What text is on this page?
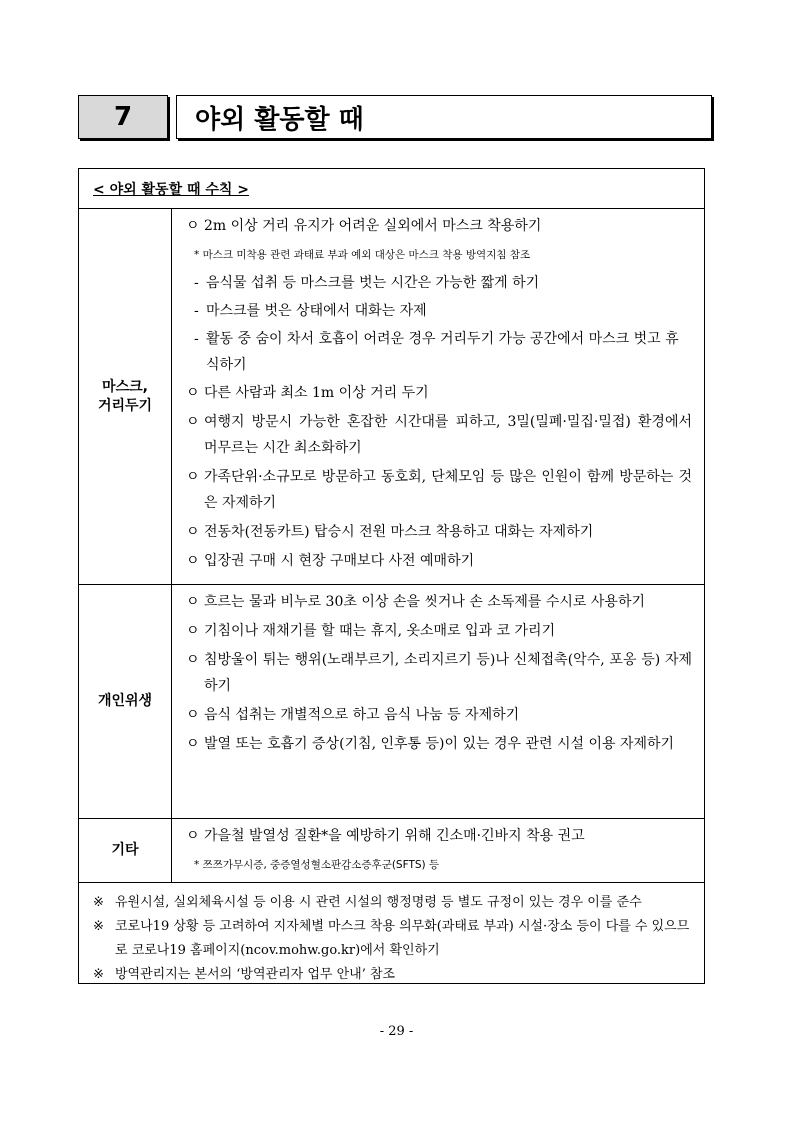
7	야외 활동할 때
< 야외 활동할 때 수칙 >
마스크,
거리두기
ㅇ 2m 이상 거리 유지가 어려운 실외에서 마스크 착용하기
* 마스크 미착용 관련 과태료 부과 예외 대상은 마스크 착용 방역지침 참조
- 음식물 섭취 등 마스크를 벗는 시간은 가능한 짧게 하기
- 마스크를 벗은 상태에서 대화는 자제
- 활동 중 숨이 차서 호흡이 어려운 경우 거리두기 가능 공간에서 마스크 벗고 휴식하기
ㅇ 다른 사람과 최소 1m 이상 거리 두기
ㅇ 여행지 방문시 가능한 혼잡한 시간대를 피하고, 3밀(밀폐·밀집·밀접) 환경에서 머무르는 시간 최소화하기
ㅇ 가족단위·소규모로 방문하고 동호회, 단체모임 등 많은 인원이 함께 방문하는 것은 자제하기
ㅇ 전동차(전동카트) 탑승시 전원 마스크 착용하고 대화는 자제하기
ㅇ 입장권 구매 시 현장 구매보다 사전 예매하기
개인위생
ㅇ 흐르는 물과 비누로 30초 이상 손을 씻거나 손 소독제를 수시로 사용하기
ㅇ 기침이나 재채기를 할 때는 휴지, 옷소매로 입과 코 가리기
ㅇ 침방울이 튀는 행위(노래부르기, 소리지르기 등)나 신체접촉(악수, 포옹 등) 자제하기
ㅇ 음식 섭취는 개별적으로 하고 음식 나눔 등 자제하기
ㅇ 발열 또는 호흡기 증상(기침, 인후통 등)이 있는 경우 관련 시설 이용 자제하기
기타
ㅇ 가을철 발열성 질환*을 예방하기 위해 긴소매·긴바지 착용 권고
* 쯔쯔가무시증, 중증열성혈소판감소증후군(SFTS) 등
※ 유원시설, 실외체육시설 등 이용 시 관련 시설의 행정명령 등 별도 규정이 있는 경우 이를 준수
※ 코로나19 상황 등 고려하여 지자체별 마스크 착용 의무화(과태료 부과) 시설·장소 등이 다를 수 있으므로 코로나19 홈페이지(ncov.mohw.go.kr)에서 확인하기
※ 방역관리지는 본서의 ‘방역관리자 업무 안내’ 참조
- 29 -
